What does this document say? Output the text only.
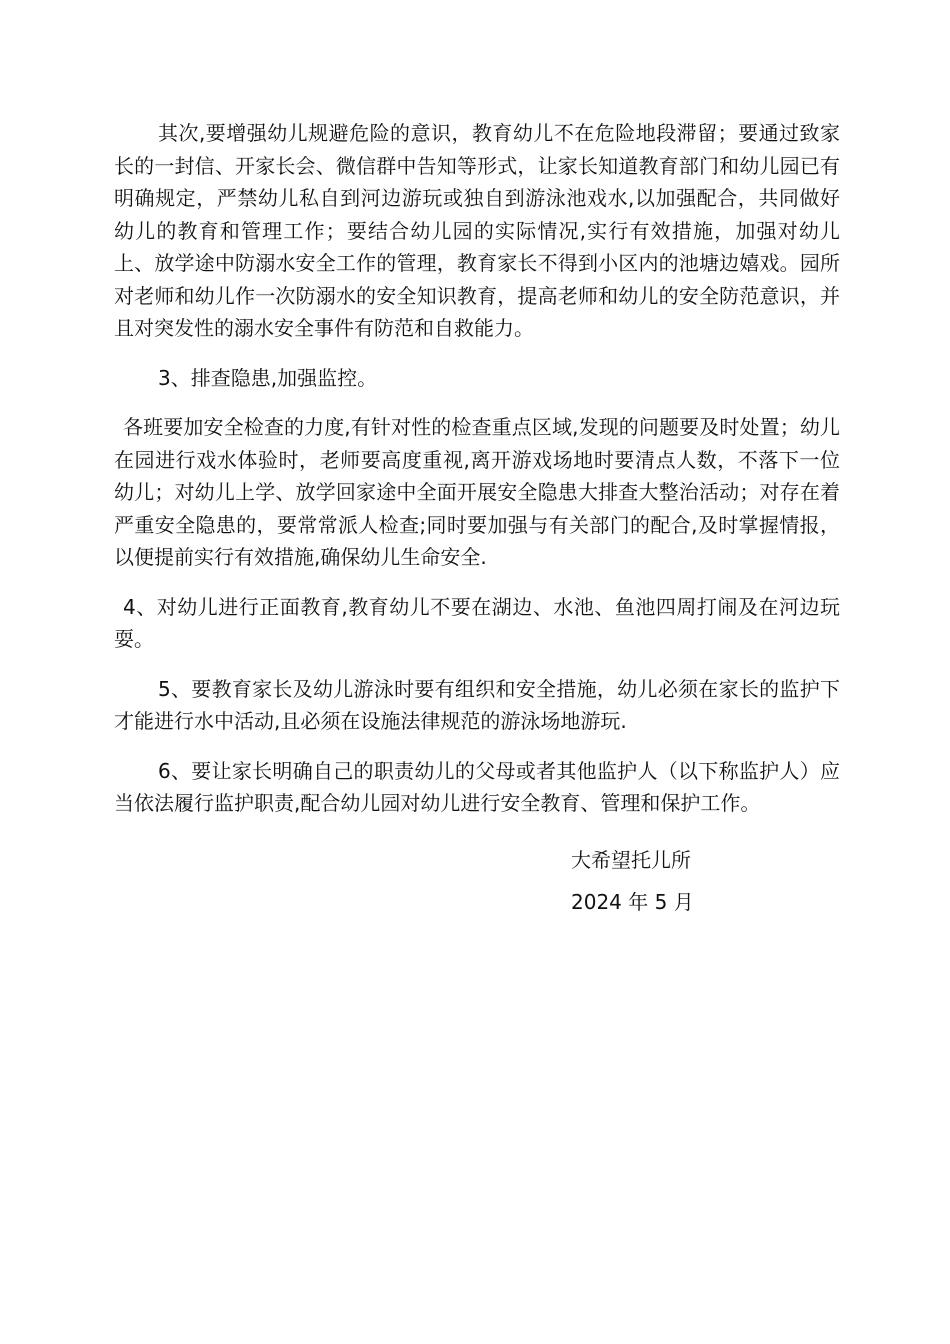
其次,要增强幼儿规避危险的意识，教育幼儿不在危险地段滞留；要通过致家长的一封信、开家长会、微信群中告知等形式，让家长知道教育部门和幼儿园已有明确规定，严禁幼儿私自到河边游玩或独自到游泳池戏水,以加强配合，共同做好幼儿的教育和管理工作；要结合幼儿园的实际情况,实行有效措施，加强对幼儿上、放学途中防溺水安全工作的管理，教育家长不得到小区内的池塘边嬉戏。园所对老师和幼儿作一次防溺水的安全知识教育，提高老师和幼儿的安全防范意识，并且对突发性的溺水安全事件有防范和自救能力。

3、排查隐患,加强监控。

各班要加安全检查的力度,有针对性的检查重点区域,发现的问题要及时处置；幼儿在园进行戏水体验时，老师要高度重视,离开游戏场地时要清点人数，不落下一位幼儿；对幼儿上学、放学回家途中全面开展安全隐患大排查大整治活动；对存在着严重安全隐患的，要常常派人检查;同时要加强与有关部门的配合,及时掌握情报，以便提前实行有效措施,确保幼儿生命安全.

4、对幼儿进行正面教育,教育幼儿不要在湖边、水池、鱼池四周打闹及在河边玩耍。

5、要教育家长及幼儿游泳时要有组织和安全措施，幼儿必须在家长的监护下才能进行水中活动,且必须在设施法律规范的游泳场地游玩.

6、要让家长明确自己的职责幼儿的父母或者其他监护人（以下称监护人）应当依法履行监护职责,配合幼儿园对幼儿进行安全教育、管理和保护工作。

大希望托儿所
2024 年 5 月
